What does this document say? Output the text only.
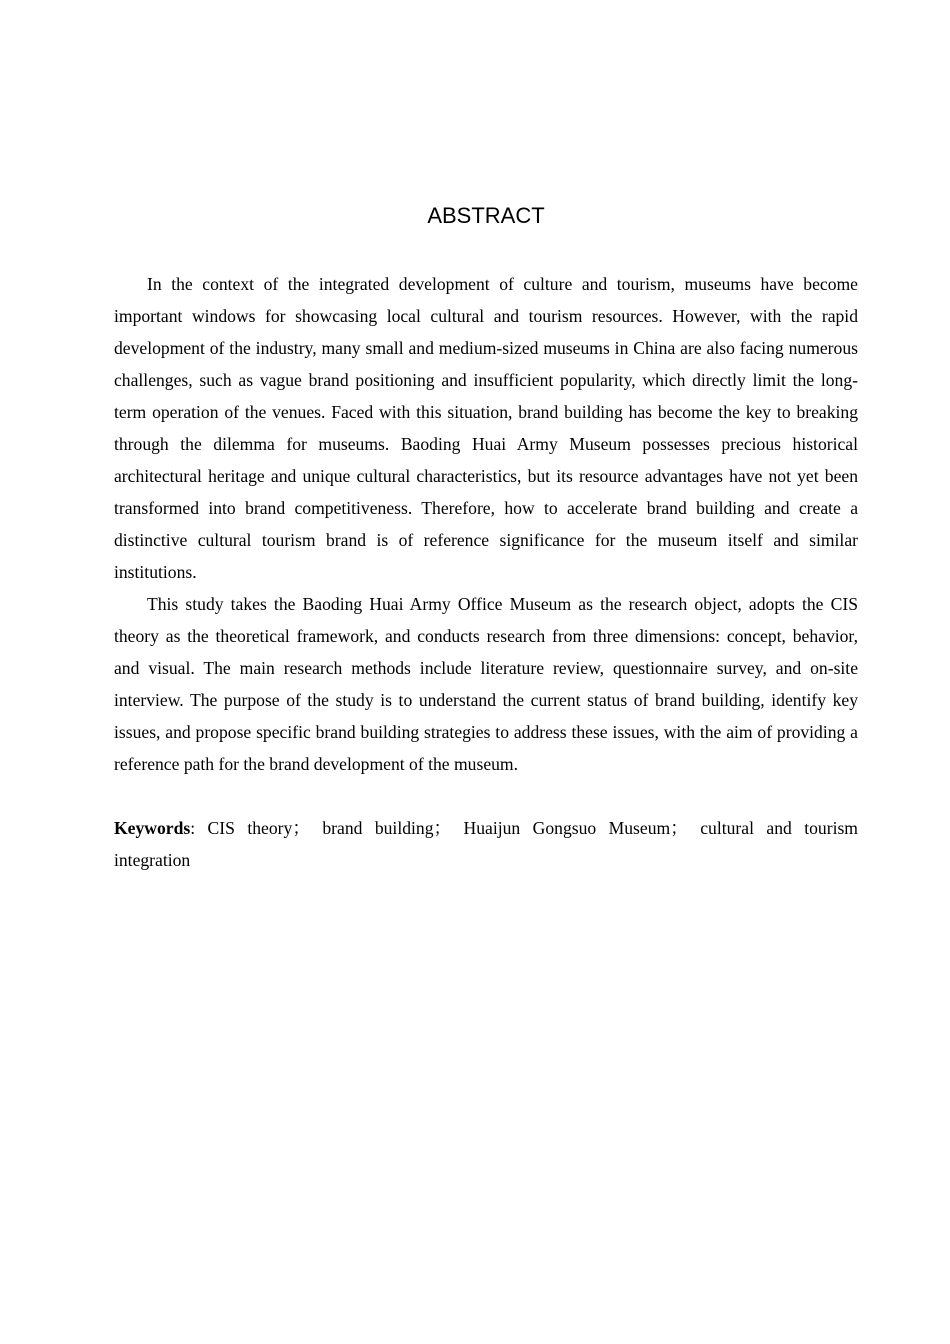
ABSTRACT

In the context of the integrated development of culture and tourism, museums have become important windows for showcasing local cultural and tourism resources. However, with the rapid development of the industry, many small and medium-sized museums in China are also facing numerous challenges, such as vague brand positioning and insufficient popularity, which directly limit the long-term operation of the venues. Faced with this situation, brand building has become the key to breaking through the dilemma for museums. Baoding Huai Army Museum possesses precious historical architectural heritage and unique cultural characteristics, but its resource advantages have not yet been transformed into brand competitiveness. Therefore, how to accelerate brand building and create a distinctive cultural tourism brand is of reference significance for the museum itself and similar institutions.

This study takes the Baoding Huai Army Office Museum as the research object, adopts the CIS theory as the theoretical framework, and conducts research from three dimensions: concept, behavior, and visual. The main research methods include literature review, questionnaire survey, and on-site interview. The purpose of the study is to understand the current status of brand building, identify key issues, and propose specific brand building strategies to address these issues, with the aim of providing a reference path for the brand development of the museum.

Keywords: CIS theory； brand building； Huaijun Gongsuo Museum； cultural and tourism integration
